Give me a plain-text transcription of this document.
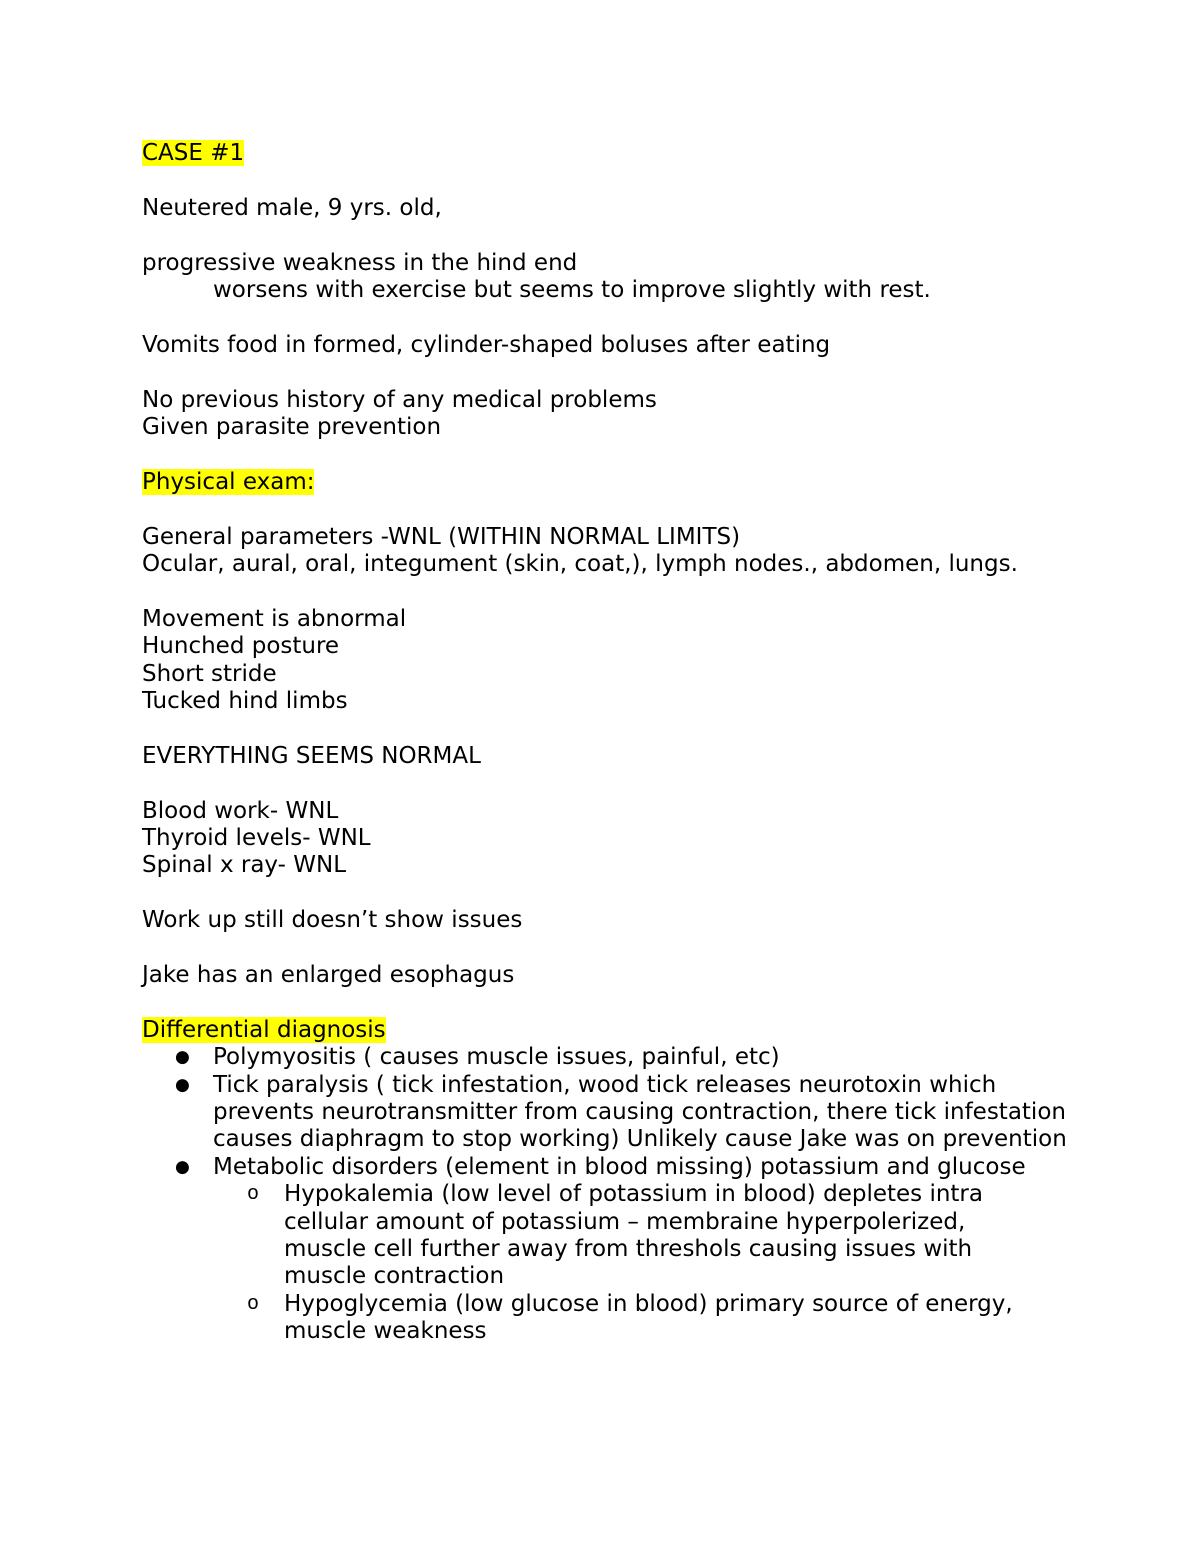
CASE #1
Neutered male, 9 yrs. old,
progressive weakness in the hind end
worsens with exercise but seems to improve slightly with rest.
Vomits food in formed, cylinder-shaped boluses after eating
No previous history of any medical problems
Given parasite prevention
Physical exam:
General parameters -WNL (WITHIN NORMAL LIMITS)
Ocular, aural, oral, integument (skin, coat,), lymph nodes., abdomen, lungs.
Movement is abnormal
Hunched posture
Short stride
Tucked hind limbs
EVERYTHING SEEMS NORMAL
Blood work- WNL
Thyroid levels- WNL
Spinal x ray- WNL
Work up still doesn’t show issues
Jake has an enlarged esophagus
Differential diagnosis
● Polymyositis ( causes muscle issues, painful, etc)
● Tick paralysis ( tick infestation, wood tick releases neurotoxin which prevents neurotransmitter from causing contraction, there tick infestation causes diaphragm to stop working) Unlikely cause Jake was on prevention
● Metabolic disorders (element in blood missing) potassium and glucose
o Hypokalemia (low level of potassium in blood) depletes intra cellular amount of potassium – membraine hyperpolerized, muscle cell further away from threshols causing issues with muscle contraction
o Hypoglycemia (low glucose in blood) primary source of energy, muscle weakness
